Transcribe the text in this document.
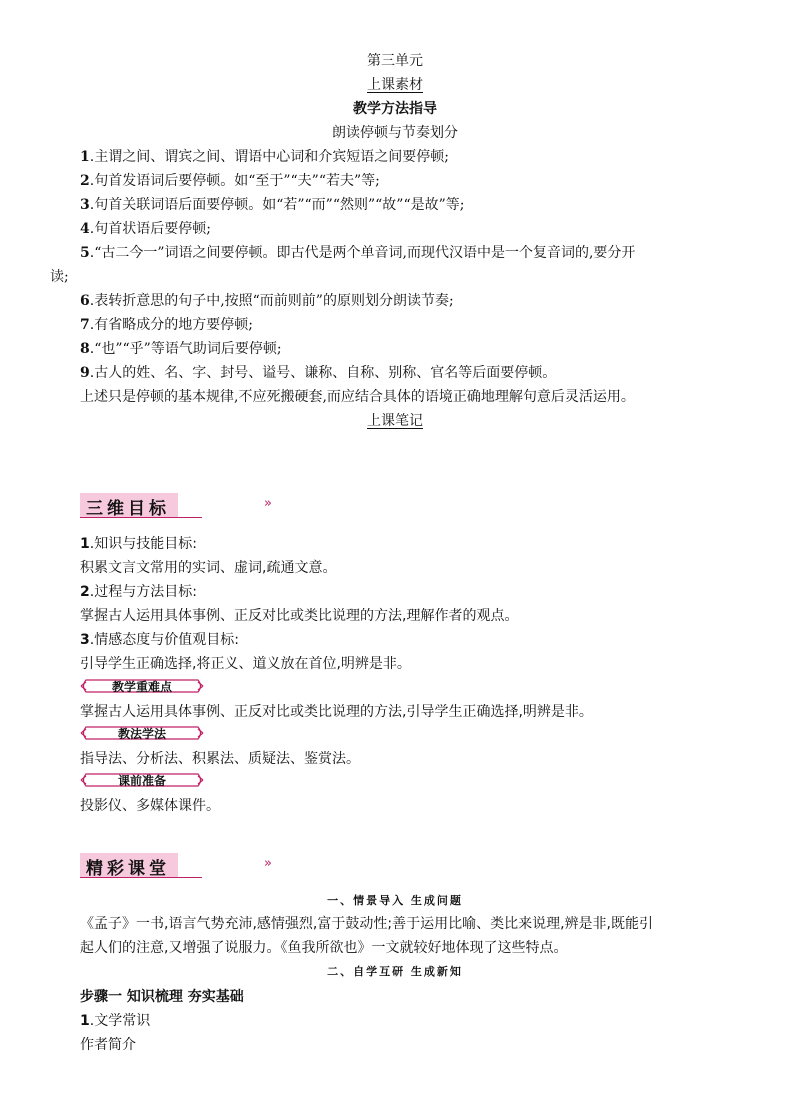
第三单元
上课素材
教学方法指导
朗读停顿与节奏划分
1.主谓之间、谓宾之间、谓语中心词和介宾短语之间要停顿;
2.句首发语词后要停顿。如“至于”“夫”“若夫”等;
3.句首关联词语后面要停顿。如“若”“而”“然则”“故”“是故”等;
4.句首状语后要停顿;
5.“古二今一”词语之间要停顿。即古代是两个单音词,而现代汉语中是一个复音词的,要分开
读;
6.表转折意思的句子中,按照“而前则前”的原则划分朗读节奏;
7.有省略成分的地方要停顿;
8.“也”“乎”等语气助词后要停顿;
9.古人的姓、名、字、封号、谥号、谦称、自称、别称、官名等后面要停顿。
上述只是停顿的基本规律,不应死搬硬套,而应结合具体的语境正确地理解句意后灵活运用。
上课笔记
三维目标	»
1.知识与技能目标:
积累文言文常用的实词、虚词,疏通文意。
2.过程与方法目标:
掌握古人运用具体事例、正反对比或类比说理的方法,理解作者的观点。
3.情感态度与价值观目标:
引导学生正确选择,将正义、道义放在首位,明辨是非。
教学重难点
掌握古人运用具体事例、正反对比或类比说理的方法,引导学生正确选择,明辨是非。
教法学法
指导法、分析法、积累法、质疑法、鉴赏法。
课前准备
投影仪、多媒体课件。
精彩课堂	»
一、情景导入 生成问题
《孟子》一书,语言气势充沛,感情强烈,富于鼓动性;善于运用比喻、类比来说理,辨是非,既能引
起人们的注意,又增强了说服力。《鱼我所欲也》一文就较好地体现了这些特点。
二、自学互研 生成新知
步骤一 知识梳理 夯实基础
1.文学常识
作者简介
